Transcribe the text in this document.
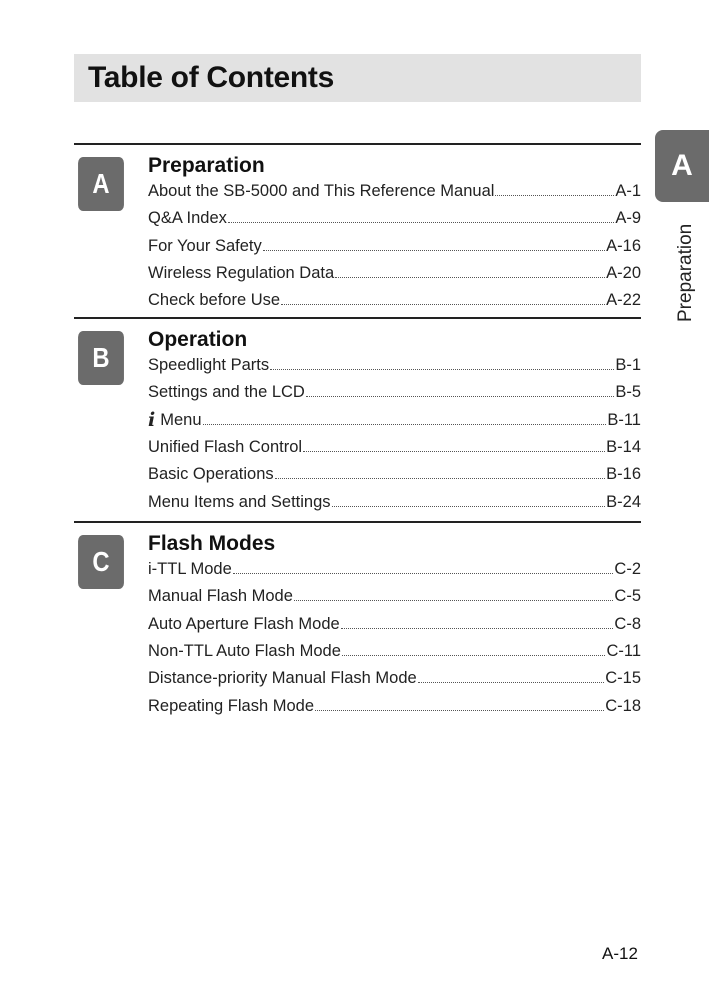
Table of Contents
A
Preparation
A
Preparation
About the SB-5000 and This Reference Manual	A-1
Q&A Index	A-9
For Your Safety	A-16
Wireless Regulation Data	A-20
Check before Use	A-22
B
Operation
Speedlight Parts	B-1
Settings and the LCD	B-5
i Menu	B-11
Unified Flash Control	B-14
Basic Operations	B-16
Menu Items and Settings	B-24
C
Flash Modes
i-TTL Mode	C-2
Manual Flash Mode	C-5
Auto Aperture Flash Mode	C-8
Non-TTL Auto Flash Mode	C-11
Distance-priority Manual Flash Mode	C-15
Repeating Flash Mode	C-18
A-12
